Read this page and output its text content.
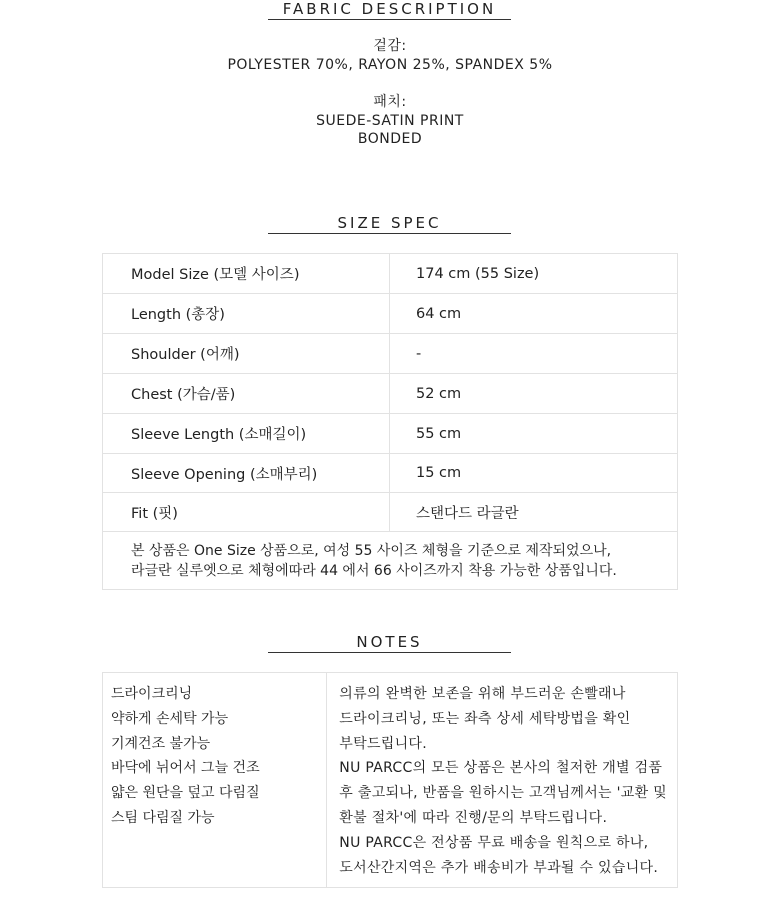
FABRIC DESCRIPTION
겉감:
POLYESTER 70%, RAYON 25%, SPANDEX 5%
패치:
SUEDE-SATIN PRINT
BONDED
SIZE SPEC
Model Size (모델 사이즈)	174 cm (55 Size)
Length (총장)	64 cm
Shoulder (어깨)	-
Chest (가슴/품)	52 cm
Sleeve Length (소매길이)	55 cm
Sleeve Opening (소매부리)	15 cm
Fit (핏)	스탠다드 라글란

본 상품은 One Size 상품으로, 여성 55 사이즈 체형을 기준으로 제작되었으나,
라글란 실루엣으로 체형에따라 44 에서 66 사이즈까지 착용 가능한 상품입니다.	
NOTES
드라이크리닝
약하게 손세탁 가능
기계건조 불가능
바닥에 뉘어서 그늘 건조
얇은 원단을 덮고 다림질
스팀 다림질 가능

의류의 완벽한 보존을 위해 부드러운 손빨래나
드라이크리닝, 또는 좌측 상세 세탁방법을 확인
부탁드립니다.
NU PARCC의 모든 상품은 본사의 철저한 개별 검품
후 출고되나, 반품을 원하시는 고객님께서는 '교환 및
환불 절차'에 따라 진행/문의 부탁드립니다.
NU PARCC은 전상품 무료 배송을 원칙으로 하나,
도서산간지역은 추가 배송비가 부과될 수 있습니다.
